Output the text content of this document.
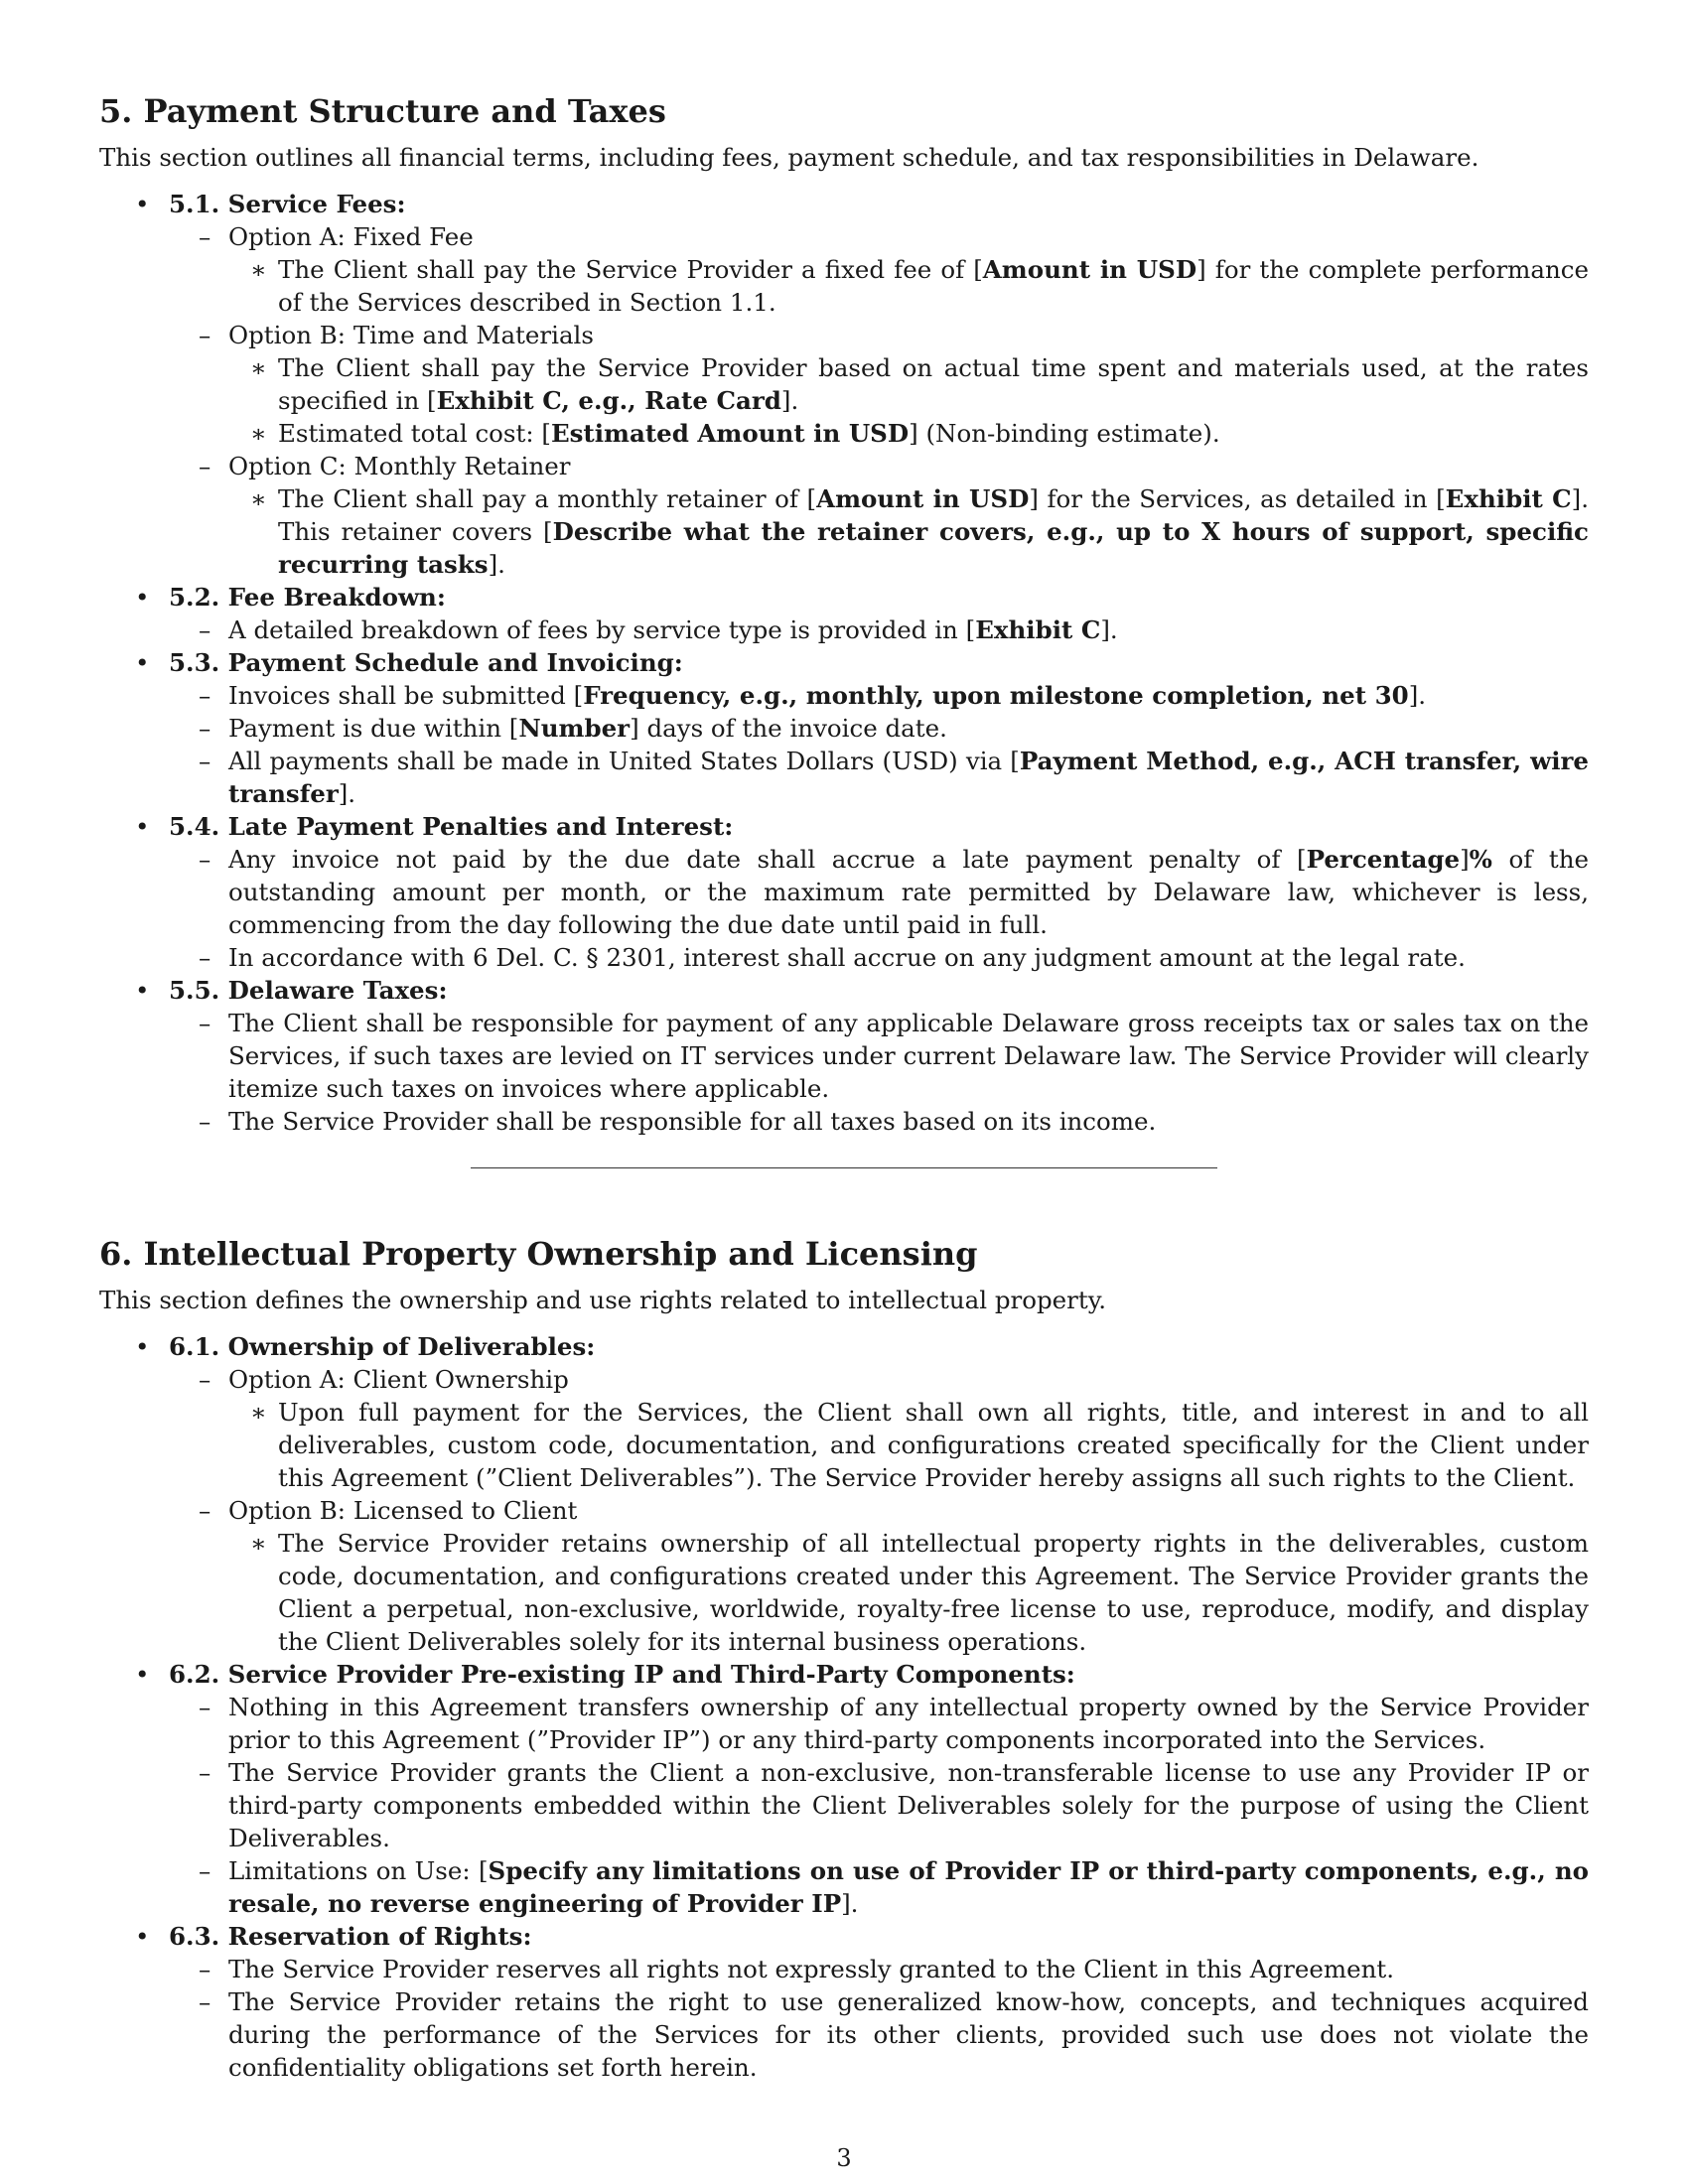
5. Payment Structure and Taxes

This section outlines all financial terms, including fees, payment schedule, and tax responsibilities in Delaware.

• 5.1. Service Fees:
– Option A: Fixed Fee
∗ The Client shall pay the Service Provider a fixed fee of [Amount in USD] for the complete performance of the Services described in Section 1.1.
– Option B: Time and Materials
∗ The Client shall pay the Service Provider based on actual time spent and materials used, at the rates specified in [Exhibit C, e.g., Rate Card].
∗ Estimated total cost: [Estimated Amount in USD] (Non-binding estimate).
– Option C: Monthly Retainer
∗ The Client shall pay a monthly retainer of [Amount in USD] for the Services, as detailed in [Exhibit C]. This retainer covers [Describe what the retainer covers, e.g., up to X hours of support, specific recurring tasks].
• 5.2. Fee Breakdown:
– A detailed breakdown of fees by service type is provided in [Exhibit C].
• 5.3. Payment Schedule and Invoicing:
– Invoices shall be submitted [Frequency, e.g., monthly, upon milestone completion, net 30].
– Payment is due within [Number] days of the invoice date.
– All payments shall be made in United States Dollars (USD) via [Payment Method, e.g., ACH transfer, wire transfer].
• 5.4. Late Payment Penalties and Interest:
– Any invoice not paid by the due date shall accrue a late payment penalty of [Percentage]% of the outstanding amount per month, or the maximum rate permitted by Delaware law, whichever is less, commencing from the day following the due date until paid in full.
– In accordance with 6 Del. C. § 2301, interest shall accrue on any judgment amount at the legal rate.
• 5.5. Delaware Taxes:
– The Client shall be responsible for payment of any applicable Delaware gross receipts tax or sales tax on the Services, if such taxes are levied on IT services under current Delaware law. The Service Provider will clearly itemize such taxes on invoices where applicable.
– The Service Provider shall be responsible for all taxes based on its income.
6. Intellectual Property Ownership and Licensing

This section defines the ownership and use rights related to intellectual property.

• 6.1. Ownership of Deliverables:
– Option A: Client Ownership
∗ Upon full payment for the Services, the Client shall own all rights, title, and interest in and to all deliverables, custom code, documentation, and configurations created specifically for the Client under this Agreement (”Client Deliverables”). The Service Provider hereby assigns all such rights to the Client.
– Option B: Licensed to Client
∗ The Service Provider retains ownership of all intellectual property rights in the deliverables, custom code, documentation, and configurations created under this Agreement. The Service Provider grants the Client a perpetual, non-exclusive, worldwide, royalty-free license to use, reproduce, modify, and display the Client Deliverables solely for its internal business operations.
• 6.2. Service Provider Pre-existing IP and Third-Party Components:
– Nothing in this Agreement transfers ownership of any intellectual property owned by the Service Provider prior to this Agreement (”Provider IP”) or any third-party components incorporated into the Services.
– The Service Provider grants the Client a non-exclusive, non-transferable license to use any Provider IP or third-party components embedded within the Client Deliverables solely for the purpose of using the Client Deliverables.
– Limitations on Use: [Specify any limitations on use of Provider IP or third-party components, e.g., no resale, no reverse engineering of Provider IP].
• 6.3. Reservation of Rights:
– The Service Provider reserves all rights not expressly granted to the Client in this Agreement.
– The Service Provider retains the right to use generalized know-how, concepts, and techniques acquired during the performance of the Services for its other clients, provided such use does not violate the confidentiality obligations set forth herein.
3
